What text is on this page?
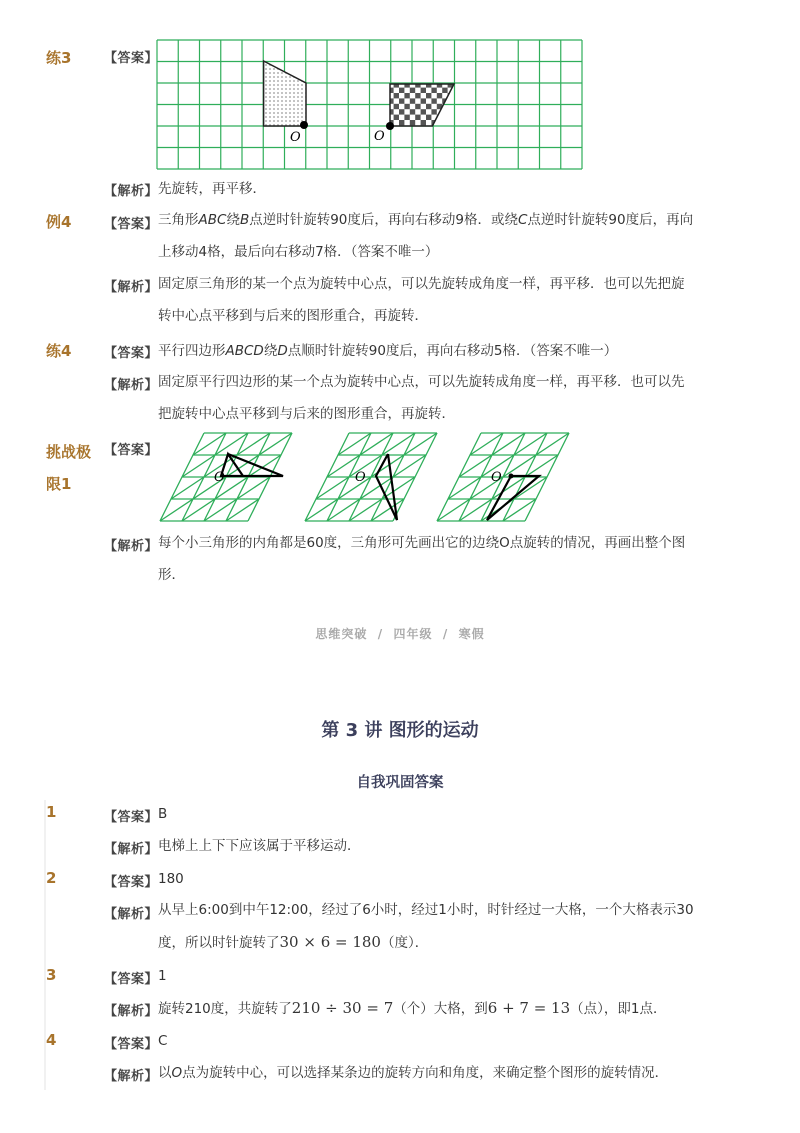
练3	【答案】
O	O
【解析】 先旋转，再平移．
例4	【答案】 三角形ABC绕B点逆时针旋转90度后，再向右移动9格．或绕C点逆时针旋转90度后，再向
上移动4格，最后向右移动7格．（答案不唯一）
【解析】 固定原三角形的某一个点为旋转中心点，可以先旋转成角度一样，再平移．也可以先把旋
转中心点平移到与后来的图形重合，再旋转．
练4	【答案】 平行四边形ABCD绕D点顺时针旋转90度后，再向右移动5格．（答案不唯一）
【解析】 固定原平行四边形的某一个点为旋转中心点，可以先旋转成角度一样，再平移．也可以先
把旋转中心点平移到与后来的图形重合，再旋转．
挑战极
限1
【答案】
O	O	O
【解析】 每个小三角形的内角都是60度，三角形可先画出它的边绕O点旋转的情况，再画出整个图
形．
思维突破 / 四年级 / 寒假
第 3 讲 图形的运动
自我巩固答案
1	【答案】 B
【解析】 电梯上上下下应该属于平移运动．
2	【答案】 180
【解析】 从早上6:00到中午12:00，经过了6小时，经过1小时，时针经过一大格，一个大格表示30
度，所以时针旋转了30 × 6 = 180（度）．
3	【答案】 1
【解析】 旋转210度，共旋转了210 ÷ 30 = 7（个）大格，到6 + 7 = 13（点），即1点．
4	【答案】 C
【解析】 以O点为旋转中心，可以选择某条边的旋转方向和角度，来确定整个图形的旋转情况．
